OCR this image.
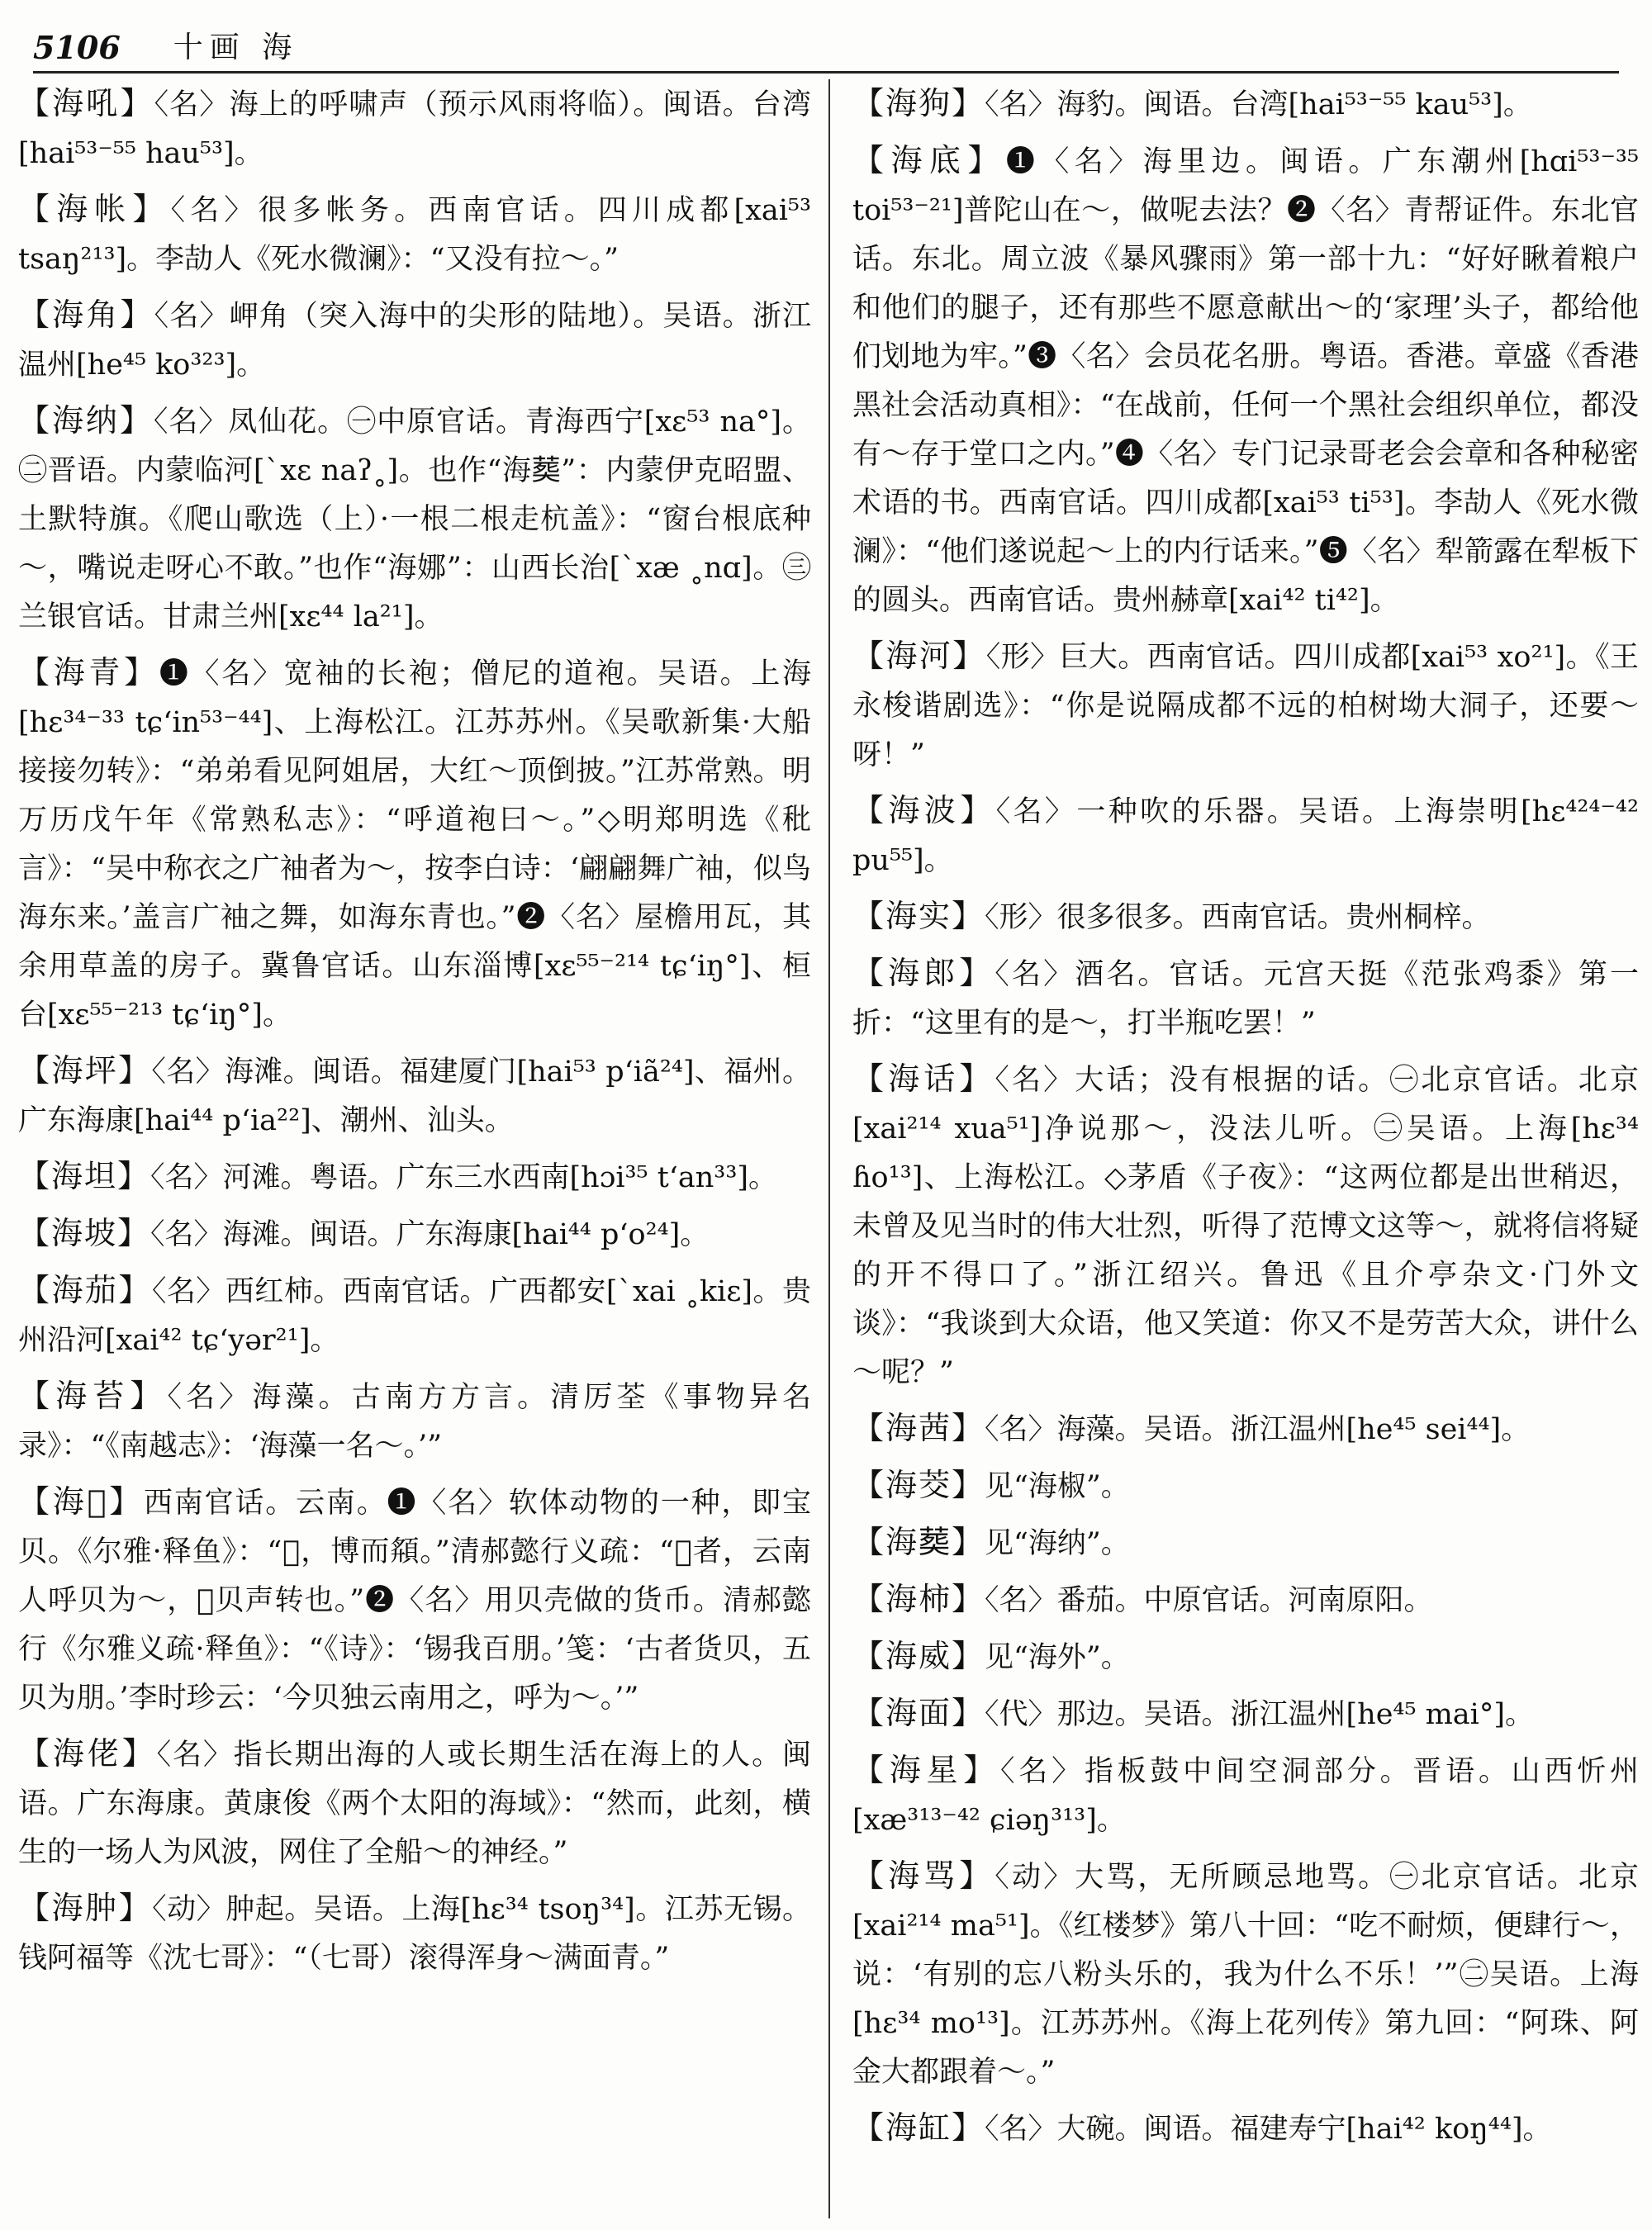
5106 十画 海
【海吼】〈名〉海上的呼啸声（预示风雨将临）。闽语。台湾[hai⁵³⁻⁵⁵ hau⁵³]。
【海帐】〈名〉很多帐务。西南官话。四川成都[xai⁵³ tsaŋ²¹³]。李劼人《死水微澜》：“又没有拉～。”
【海角】〈名〉岬角（突入海中的尖形的陆地）。吴语。浙江温州[he⁴⁵ ko³²³]。
【海纳】〈名〉凤仙花。㊀中原官话。青海西宁[xɛ⁵³ na°]。㊁晋语。内蒙临河[ˋxɛ naʔ˳]。也作“海𦵏”：内蒙伊克昭盟、土默特旗。《爬山歌选（上）·一根二根走杭盖》：“窗台根底种～，嘴说走呀心不敢。”也作“海娜”：山西长治[ˋxæ ˳nɑ]。㊂兰银官话。甘肃兰州[xɛ⁴⁴ la²¹]。
【海青】❶〈名〉宽袖的长袍；僧尼的道袍。吴语。上海[hɛ³⁴⁻³³ tɕʻin⁵³⁻⁴⁴]、上海松江。江苏苏州。《吴歌新集·大船接接勿转》：“弟弟看见阿姐居，大红～顶倒披。”江苏常熟。明万历戊午年《常熟私志》：“呼道袍曰～。”◇明郑明选《秕言》：“吴中称衣之广袖者为～，按李白诗：‘翩翩舞广袖，似鸟海东来。’盖言广袖之舞，如海东青也。”❷〈名〉屋檐用瓦，其余用草盖的房子。冀鲁官话。山东淄博[xɛ⁵⁵⁻²¹⁴ tɕʻiŋ°]、桓台[xɛ⁵⁵⁻²¹³ tɕʻiŋ°]。
【海坪】〈名〉海滩。闽语。福建厦门[hai⁵³ pʻiã²⁴]、福州。广东海康[hai⁴⁴ pʻia²²]、潮州、汕头。
【海坦】〈名〉河滩。粤语。广东三水西南[hɔi³⁵ tʻan³³]。
【海坡】〈名〉海滩。闽语。广东海康[hai⁴⁴ pʻo²⁴]。
【海茄】〈名〉西红柿。西南官话。广西都安[ˋxai ˳kiɛ]。贵州沿河[xai⁴² tɕʻyər²¹]。
【海苔】〈名〉海藻。古南方方言。清厉荃《事物异名录》：“《南越志》：‘海藻一名～。’”
【海𧵅】西南官话。云南。❶〈名〉软体动物的一种，即宝贝。《尔雅·释鱼》：“𧵅，博而頯。”清郝懿行义疏：“𧵅者，云南人呼贝为～，𧵅贝声转也。”❷〈名〉用贝壳做的货币。清郝懿行《尔雅义疏·释鱼》：“《诗》：‘锡我百朋。’笺：‘古者货贝，五贝为朋。’李时珍云：‘今贝独云南用之，呼为～。’”
【海佬】〈名〉指长期出海的人或长期生活在海上的人。闽语。广东海康。黄康俊《两个太阳的海域》：“然而，此刻，横生的一场人为风波，网住了全船～的神经。”
【海肿】〈动〉肿起。吴语。上海[hɛ³⁴ tsoŋ³⁴]。江苏无锡。钱阿福等《沈七哥》：“（七哥）滚得浑身～满面青。”
【海狗】〈名〉海豹。闽语。台湾[hai⁵³⁻⁵⁵ kau⁵³]。
【海底】❶〈名〉海里边。闽语。广东潮州[hɑi⁵³⁻³⁵ toi⁵³⁻²¹]普陀山在～，做呢去法？❷〈名〉青帮证件。东北官话。东北。周立波《暴风骤雨》第一部十九：“好好瞅着粮户和他们的腿子，还有那些不愿意献出～的‘家理’头子，都给他们划地为牢。”❸〈名〉会员花名册。粤语。香港。章盛《香港黑社会活动真相》：“在战前，任何一个黑社会组织单位，都没有～存于堂口之内。”❹〈名〉专门记录哥老会会章和各种秘密术语的书。西南官话。四川成都[xai⁵³ ti⁵³]。李劼人《死水微澜》：“他们遂说起～上的内行话来。”❺〈名〉犁箭露在犁板下的圆头。西南官话。贵州赫章[xai⁴² ti⁴²]。
【海河】〈形〉巨大。西南官话。四川成都[xai⁵³ xo²¹]。《王永梭谐剧选》：“你是说隔成都不远的柏树坳大洞子，还要～呀！”
【海波】〈名〉一种吹的乐器。吴语。上海崇明[hɛ⁴²⁴⁻⁴² pu⁵⁵]。
【海实】〈形〉很多很多。西南官话。贵州桐梓。
【海郎】〈名〉酒名。官话。元宫天挺《范张鸡黍》第一折：“这里有的是～，打半瓶吃罢！”
【海话】〈名〉大话；没有根据的话。㊀北京官话。北京[xai²¹⁴ xua⁵¹]净说那～，没法儿听。㊁吴语。上海[hɛ³⁴ ɦo¹³]、上海松江。◇茅盾《子夜》：“这两位都是出世稍迟，未曾及见当时的伟大壮烈，听得了范博文这等～，就将信将疑的开不得口了。”浙江绍兴。鲁迅《且介亭杂文·门外文谈》：“我谈到大众语，他又笑道：你又不是劳苦大众，讲什么～呢？”
【海茜】〈名〉海藻。吴语。浙江温州[he⁴⁵ sei⁴⁴]。
【海茭】见“海椒”。
【海𦵏】见“海纳”。
【海柿】〈名〉番茄。中原官话。河南原阳。
【海威】见“海外”。
【海面】〈代〉那边。吴语。浙江温州[he⁴⁵ mai°]。
【海星】〈名〉指板鼓中间空洞部分。晋语。山西忻州[xæ³¹³⁻⁴² ɕiəŋ³¹³]。
【海骂】〈动〉大骂，无所顾忌地骂。㊀北京官话。北京[xai²¹⁴ ma⁵¹]。《红楼梦》第八十回：“吃不耐烦，便肆行～，说：‘有别的忘八粉头乐的，我为什么不乐！’”㊁吴语。上海[hɛ³⁴ mo¹³]。江苏苏州。《海上花列传》第九回：“阿珠、阿金大都跟着～。”
【海缸】〈名〉大碗。闽语。福建寿宁[hai⁴² koŋ⁴⁴]。
